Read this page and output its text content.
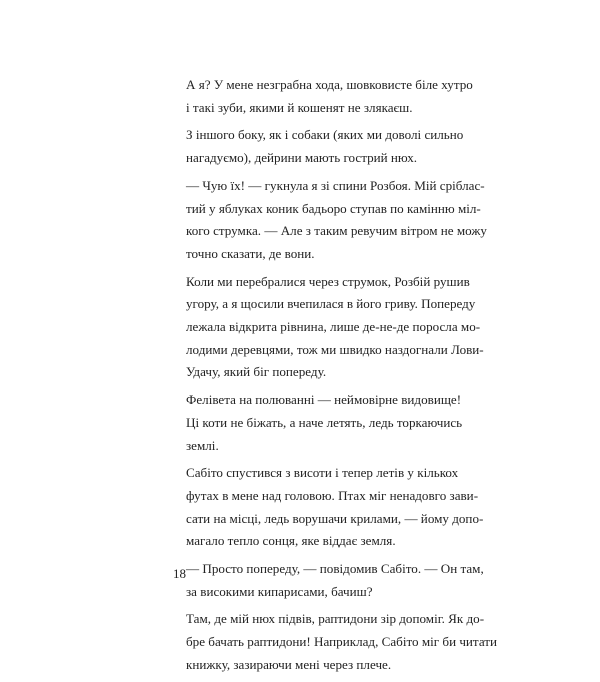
А я? У мене незграбна хода, шовковисте біле хутро
і такі зуби, якими й кошенят не злякаєш.

З іншого боку, як і собаки (яких ми доволі сильно
нагадуємо), дейрини мають гострий нюх.

— Чую їх! — гукнула я зі спини Розбоя. Мій сріблас-
тий у яблуках коник бадьоро ступав по камінню міл-
кого струмка. — Але з таким ревучим вітром не можу
точно сказати, де вони.

Коли ми перебралися через струмок, Розбій рушив
угору, а я щосили вчепилася в його гриву. Попереду
лежала відкрита рівнина, лише де-не-де поросла мо-
лодими деревцями, тож ми швидко наздогнали Лови-
Удачу, який біг попереду.

Фелівета на полюванні — неймовірне видовище!
Ці коти не біжать, а наче летять, ледь торкаючись
землі.

Сабіто спустився з висоти і тепер летів у кількох
футах в мене над головою. Птах міг ненадовго зави-
сати на місці, ледь ворушачи крилами, — йому допо-
магало тепло сонця, яке віддає земля.

— Просто попереду, — повідомив Сабіто. — Он там,
за високими кипарисами, бачиш?

Там, де мій нюх підвів, раптидони зір допоміг. Як до-
бре бачать раптидони! Наприклад, Сабіто міг би читати
книжку, зазираючи мені через плече.

18
